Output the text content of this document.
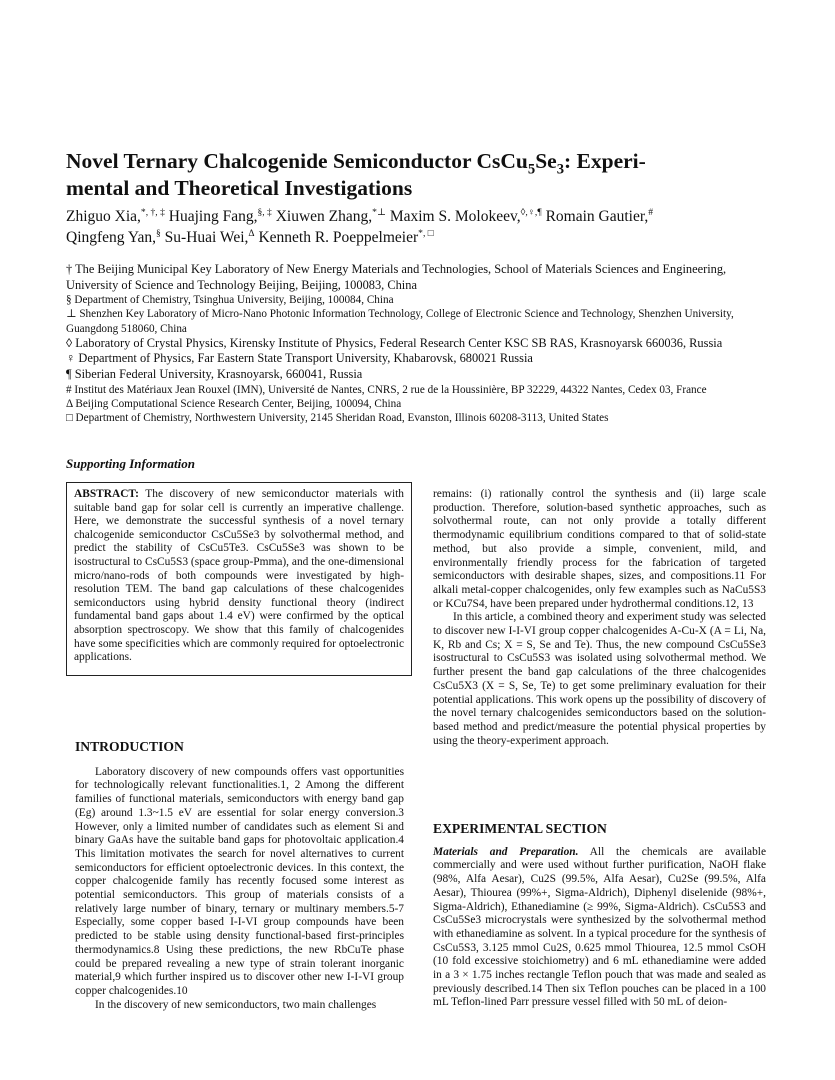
Novel Ternary Chalcogenide Semiconductor $CsCu_5Se_3$: Experi-
mental and Theoretical Investigations
Zhiguo Xia,*, †, ‡ Huajing Fang,§, ‡ Xiuwen Zhang,*⊥ Maxim S. Molokeev,◊,♀,¶ Romain Gautier,#
Qingfeng Yan,§ Su-Huai Wei,$^\Delta$ Kenneth R. Poeppelmeier*, □

† The Beijing Municipal Key Laboratory of New Energy Materials and Technologies, School of Materials Sciences and Engineering, University of Science and Technology Beijing, Beijing, 100083, China

§ Department of Chemistry, Tsinghua University, Beijing, 100084, China

⊥ Shenzhen Key Laboratory of Micro-Nano Photonic Information Technology, College of Electronic Science and Technology, Shenzhen University, Guangdong 518060, China

◊ Laboratory of Crystal Physics, Kirensky Institute of Physics, Federal Research Center KSC SB RAS, Krasnoyarsk 660036, Russia

♀ Department of Physics, Far Eastern State Transport University, Khabarovsk, 680021 Russia

¶ Siberian Federal University, Krasnoyarsk, 660041, Russia

# Institut des Matériaux Jean Rouxel (IMN), Université de Nantes, CNRS, 2 rue de la Houssinière, BP 32229, 44322 Nantes, Cedex 03, France

Δ Beijing Computational Science Research Center, Beijing, 100094, China

□ Department of Chemistry, Northwestern University, 2145 Sheridan Road, Evanston, Illinois 60208-3113, United States

Supporting Information

ABSTRACT: The discovery of new semiconductor materials with suitable band gap for solar cell is currently an imperative challenge. Here, we demonstrate the successful synthesis of a novel ternary chalcogenide semiconductor CsCu5Se3 by solvothermal method, and predict the stability of CsCu5Te3. CsCu5Se3 was shown to be isostructural to CsCu5S3 (space group-Pmma), and the one-dimensional micro/nano-rods of both compounds were investigated by high-resolution TEM. The band gap calculations of these chalcogenides semiconductors using hybrid density functional theory (indirect fundamental band gaps about 1.4 eV) were confirmed by the optical absorption spectroscopy. We show that this family of chalcogenides have some specificities which are commonly required for optoelectronic applications.

INTRODUCTION

Laboratory discovery of new compounds offers vast opportunities for technologically relevant functionalities.1, 2 Among the different families of functional materials, semiconductors with energy band gap (Eg) around 1.3~1.5 eV are essential for solar energy conversion.3 However, only a limited number of candidates such as element Si and binary GaAs have the suitable band gaps for photovoltaic application.4 This limitation motivates the search for novel alternatives to current semiconductors for efficient optoelectronic devices. In this context, the copper chalcogenide family has recently focused some interest as potential semiconductors. This group of materials consists of a relatively large number of binary, ternary or multinary members.5-7 Especially, some copper based I-I-VI group compounds have been predicted to be stable using density functional-based first-principles thermodynamics.8 Using these predictions, the new RbCuTe phase could be prepared revealing a new type of strain tolerant inorganic material,9 which further inspired us to discover other new I-I-VI group copper chalcogenides.10

In the discovery of new semiconductors, two main challenges

remains: (i) rationally control the synthesis and (ii) large scale production. Therefore, solution-based synthetic approaches, such as solvothermal route, can not only provide a totally different thermodynamic equilibrium conditions compared to that of solid-state method, but also provide a simple, convenient, mild, and environmentally friendly process for the fabrication of targeted semiconductors with desirable shapes, sizes, and compositions.11 For alkali metal-copper chalcogenides, only few examples such as NaCu5S3 or KCu7S4, have been prepared under hydrothermal conditions.12, 13

In this article, a combined theory and experiment study was selected to discover new I-I-VI group copper chalcogenides A-Cu-X (A = Li, Na, K, Rb and Cs; X = S, Se and Te). Thus, the new compound CsCu5Se3 isostructural to CsCu5S3 was isolated using solvothermal method. We further present the band gap calculations of the three chalcogenides CsCu5X3 (X = S, Se, Te) to get some preliminary evaluation for their potential applications. This work opens up the possibility of discovery of the novel ternary chalcogenides semiconductors based on the solution-based method and predict/measure the potential physical properties by using the theory-experiment approach.

EXPERIMENTAL SECTION

Materials and Preparation. All the chemicals are available commercially and were used without further purification, NaOH flake (98%, Alfa Aesar), Cu2S (99.5%, Alfa Aesar), Cu2Se (99.5%, Alfa Aesar), Thiourea (99%+, Sigma-Aldrich), Diphenyl diselenide (98%+, Sigma-Aldrich), Ethanediamine (≥ 99%, Sigma-Aldrich). CsCu5S3 and CsCu5Se3 microcrystals were synthesized by the solvothermal method with ethanediamine as solvent. In a typical procedure for the synthesis of CsCu5S3, 3.125 mmol Cu2S, 0.625 mmol Thiourea, 12.5 mmol CsOH (10 fold excessive stoichiometry) and 6 mL ethanediamine were added in a 3 × 1.75 inches rectangle Teflon pouch that was made and sealed as previously described.14 Then six Teflon pouches can be placed in a 100 mL Teflon-lined Parr pressure vessel filled with 50 mL of deion-
